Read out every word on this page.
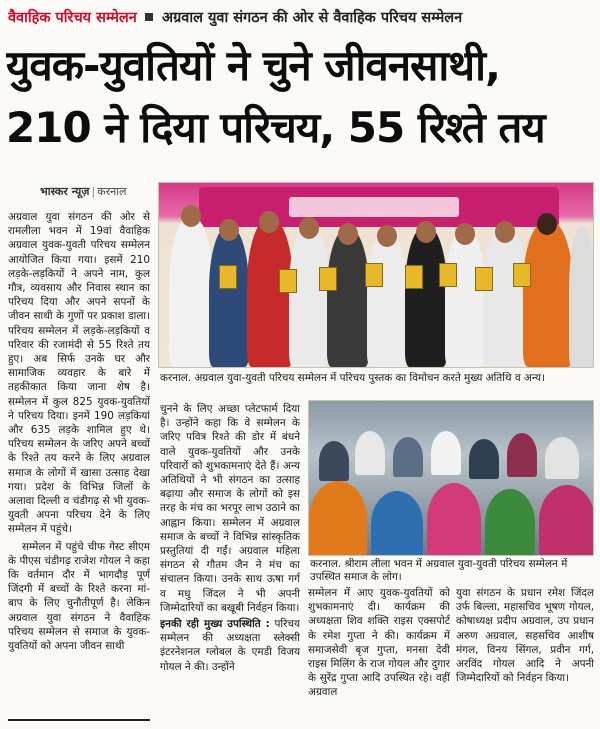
वैवाहिक परिचय सम्मेलन अग्रवाल युवा संगठन की ओर से वैवाहिक परिचय सम्मेलन
युवक-युवतियों ने चुने जीवनसाथी,
210 ने दिया परिचय, 55 रिश्ते तय
भास्कर न्यूज़ | करनाल
करनाल. अग्रवाल युवा-युवती परिचय सम्मेलन में परिचय पुस्तक का विमोचन करते मुख्य अतिथि व अन्य।

अग्रवाल युवा संगठन की ओर से रामलीला भवन में 19वां वैवाहिक अग्रवाल युवक-युवती परिचय सम्मेलन आयोजित किया गया। इसमें 210 लड़के-लड़कियों ने अपने नाम, कुल गौत्र, व्यवसाय और निवास स्थान का परिचय दिया और अपने सपनों के जीवन साथी के गुणों पर प्रकाश डाला। परिचय सम्मेलन में लड़के-लड़कियों व परिवार की रजामंदी से 55 रिश्ते तय हुए। अब सिर्फ उनके घर और सामाजिक व्यवहार के बारे में तहकीकात किया जाना शेष है। सम्मेलन में कुल 825 युवक-युवतियों ने परिचय दिया। इनमें 190 लड़कियां और 635 लड़के शामिल हुए थे। परिचय सम्मेलन के जरिए अपने बच्चों के रिश्ते तय करने के लिए अग्रवाल समाज के लोगों में खासा उत्साह देखा गया। प्रदेश के विभिन्न जिलों के अलावा दिल्ली व चंडीगढ़ से भी युवक-युवती अपना परिचय देने के लिए सम्मेलन में पहुंचे।

सम्मेलन में पहुंचे चीफ गेस्ट सीएम के पीएस चंडीगढ़ राजेश गोयल ने कहा कि वर्तमान दौर में भागदौड़ पूर्ण जिंदगी में बच्चों के रिश्ते करना मां-बाप के लिए चुनौतीपूर्ण है। लेकिन अग्रवाल युवा संगठन ने वैवाहिक परिचय सम्मेलन से समाज के युवक-युवतियों को अपना जीवन साथी

चुनने के लिए अच्छा प्लेटफार्म दिया है। उन्होंने कहा कि वे सम्मेलन के जरिए पवित्र रिश्ते की डोर में बंधने वाले युवक-युवतियों और उनके परिवारों को शुभकामनाएं देते हैं। अन्य अतिथियों ने भी संगठन का उत्साह बढ़ाया और समाज के लोगों को इस तरह के मंच का भरपूर लाभ उठाने का आह्वान किया। सम्मेलन में अग्रवाल समाज के बच्चों ने विभिन्न सांस्कृतिक प्रस्तुतियां दी गईं। अग्रवाल महिला संगठन से गौतम जैन ने मंच का संचालन किया। उनके साथ ऊषा गर्ग व मधु जिंदल ने भी अपनी जिम्मेदारियों का बखूबी निर्वहन किया।

इनकी रही मुख्य उपस्थिति : परिचय सम्मेलन की अध्यक्षता स्लेक्सी इंटरनेशनल ग्लोबल के एमडी विजय गोयल ने की। उन्होंने

करनाल. श्रीराम लीला भवन में अग्रवाल युवा-युवती परिचय सम्मेलन में उपस्थित समाज के लोग।

सम्मेलन में आए युवक-युवतियों को शुभकामनाएं दी। कार्यक्रम की अध्यक्षता शिव शक्ति राइस एक्सपोर्ट के रमेश गुप्ता ने की। कार्यक्रम में समाजसेवी बृज गुप्ता, मनसा देवी राइस मिलिंग के राज गोयल और दुगार के सुरेंद्र गुप्ता आदि उपस्थित रहे। वहीं अग्रवाल

युवा संगठन के प्रधान रमेश जिंदल उर्फ बिल्ला, महासचिव भूषण गोयल, कोषाध्यक्ष प्रदीप अग्रवाल, उप प्रधान अरुण अग्रवाल, सहसचिव आशीष मंगल, विनय सिंगल, प्रवीन गर्ग, अरविंद गोयल आदि ने अपनी जिम्मेदारियों को निर्वहन किया।
